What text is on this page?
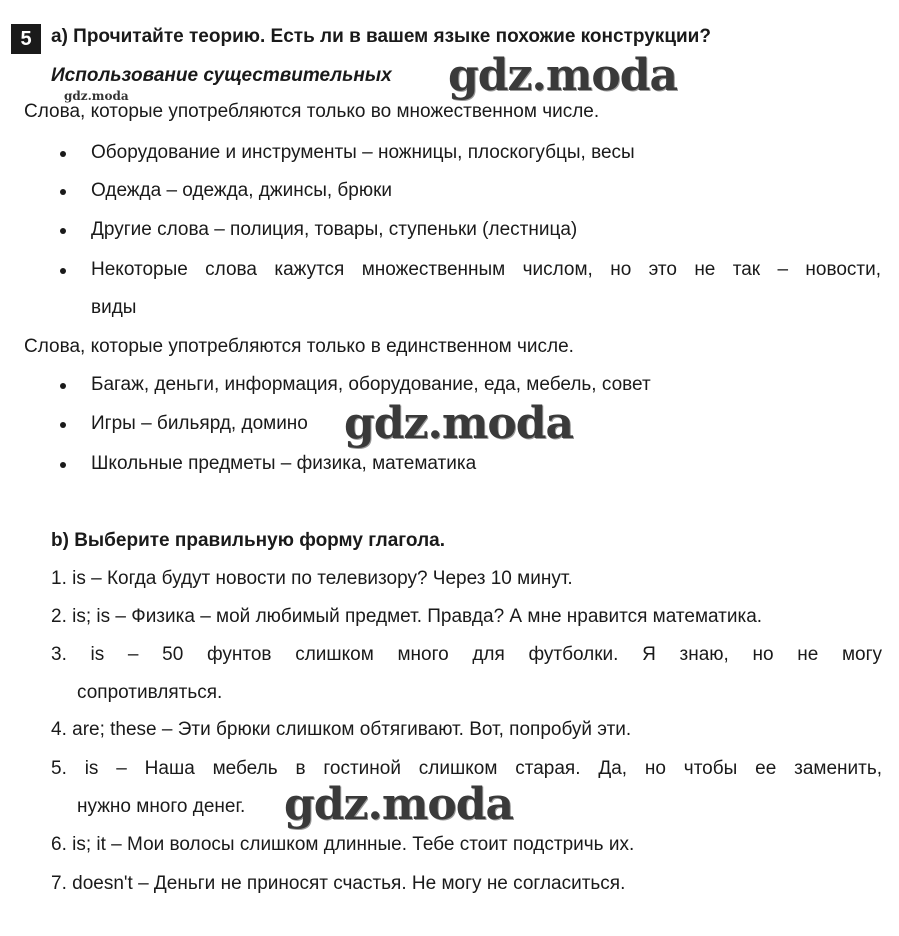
5	a) Прочитайте теорию. Есть ли в вашем языке похожие конструкции?
Использование существительных
gdz.moda	gdz.moda
Слова, которые употребляются только во множественном числе.
Оборудование и инструменты – ножницы, плоскогубцы, весы
Одежда – одежда, джинсы, брюки
Другие слова – полиция, товары, ступеньки (лестница)
Некоторые слова кажутся множественным числом, но это не так – новости,
виды
Слова, которые употребляются только в единственном числе.
Багаж, деньги, информация, оборудование, еда, мебель, совет
Игры – бильярд, домино gdz.moda
Школьные предметы – физика, математика
b) Выберите правильную форму глагола.
1. is – Когда будут новости по телевизору? Через 10 минут.
2. is; is – Физика – мой любимый предмет. Правда? А мне нравится математика.
3. is – 50 фунтов слишком много для футболки. Я знаю, но не могу
сопротивляться.
4. are; these – Эти брюки слишком обтягивают. Вот, попробуй эти.
5. is – Наша мебель в гостиной слишком старая. Да, но чтобы ее заменить,
нужно много денег. gdz.moda
6. is; it – Мои волосы слишком длинные. Тебе стоит подстричь их.
7. doesn't – Деньги не приносят счастья. Не могу не согласиться.
